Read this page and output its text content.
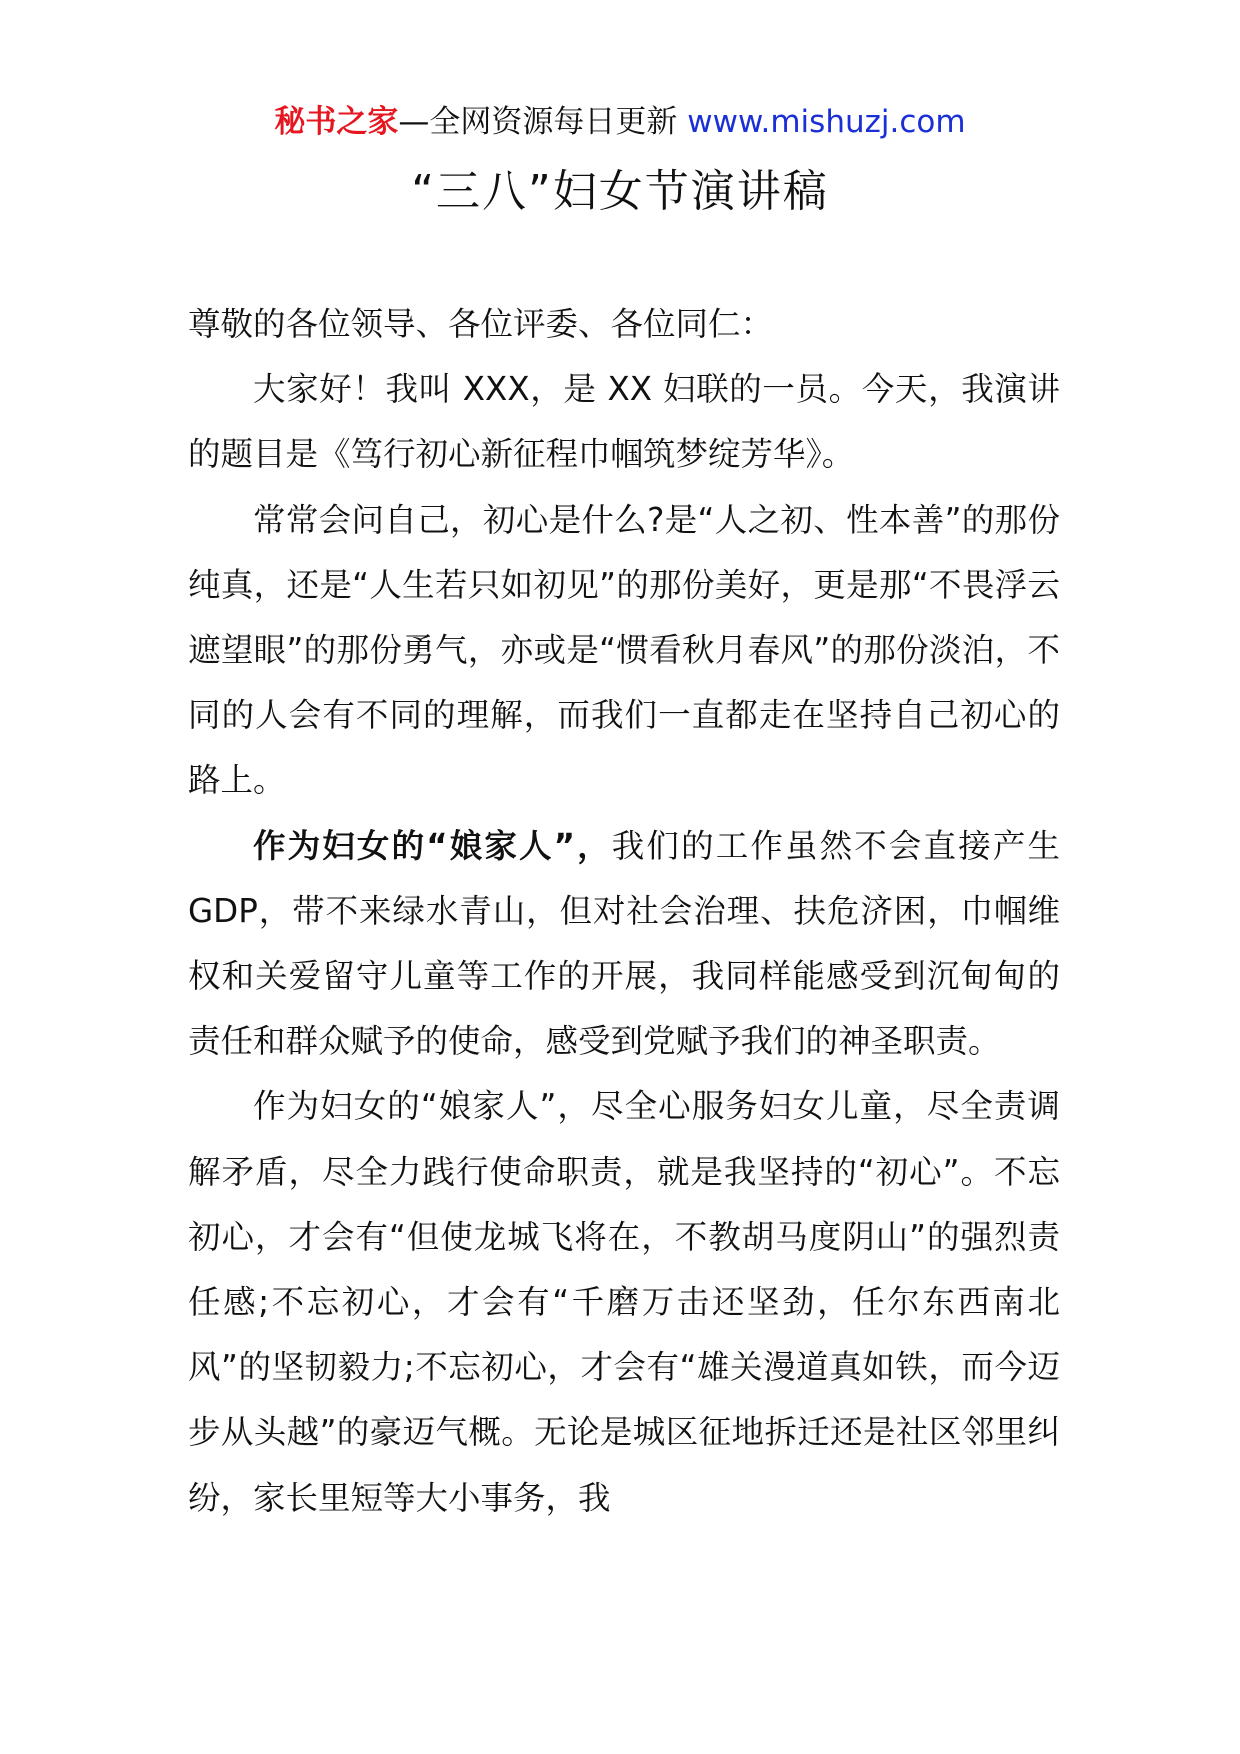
秘书之家—全网资源每日更新 www.mishuzj.com
“三八”妇女节演讲稿

尊敬的各位领导、各位评委、各位同仁：

大家好！我叫 XXX，是 XX 妇联的一员。今天，我演讲的题目是《笃行初心新征程巾帼筑梦绽芳华》。

常常会问自己，初心是什么?是“人之初、性本善”的那份纯真，还是“人生若只如初见”的那份美好，更是那“不畏浮云遮望眼”的那份勇气，亦或是“惯看秋月春风”的那份淡泊，不同的人会有不同的理解，而我们一直都走在坚持自己初心的路上。

作为妇女的“娘家人”，我们的工作虽然不会直接产生 GDP，带不来绿水青山，但对社会治理、扶危济困，巾帼维权和关爱留守儿童等工作的开展，我同样能感受到沉甸甸的责任和群众赋予的使命，感受到党赋予我们的神圣职责。

作为妇女的“娘家人”，尽全心服务妇女儿童，尽全责调解矛盾，尽全力践行使命职责，就是我坚持的“初心”。不忘初心，才会有“但使龙城飞将在，不教胡马度阴山”的强烈责任感;不忘初心，才会有“千磨万击还坚劲，任尔东西南北风”的坚韧毅力;不忘初心，才会有“雄关漫道真如铁，而今迈步从头越”的豪迈气概。无论是城区征地拆迁还是社区邻里纠纷，家长里短等大小事务，我
